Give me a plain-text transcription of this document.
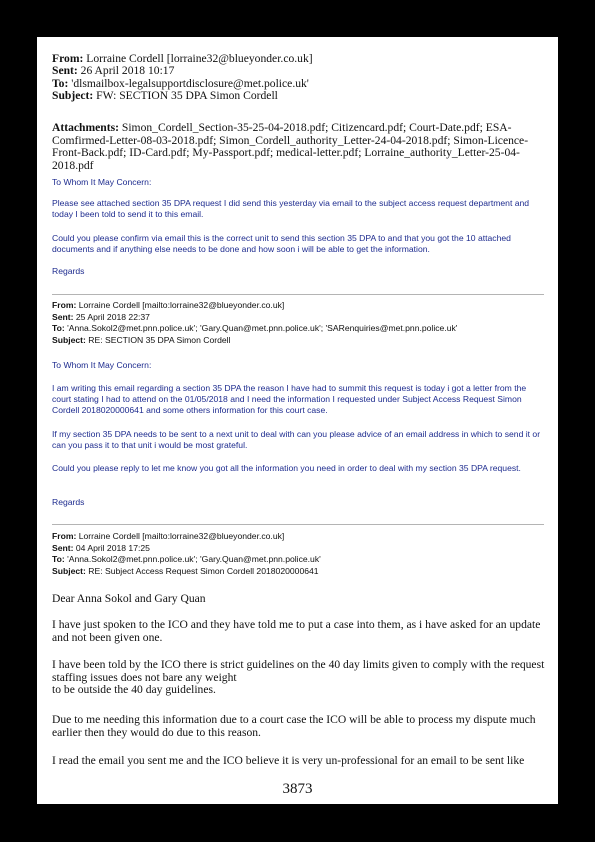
From: Lorraine Cordell [lorraine32@blueyonder.co.uk]
Sent: 26 April 2018 10:17
To: 'dlsmailbox-legalsupportdisclosure@met.police.uk'
Subject: FW: SECTION 35 DPA Simon Cordell
Attachments: Simon_Cordell_Section-35-25-04-2018.pdf; Citizencard.pdf; Court-Date.pdf; ESA-Comfirmed-Letter-08-03-2018.pdf; Simon_Cordell_authority_Letter-24-04-2018.pdf; Simon-Licence-Front-Back.pdf; ID-Card.pdf; My-Passport.pdf; medical-letter.pdf; Lorraine_authority_Letter-25-04-2018.pdf
To Whom It May Concern:
Please see attached section 35 DPA request I did send this yesterday via email to the subject access request department and today I been told to send it to this email.
Could you please confirm via email this is the correct unit to send this section 35 DPA to and that you got the 10 attached documents and if anything else needs to be done and how soon i will be able to get the information.
Regards
From: Lorraine Cordell [mailto:lorraine32@blueyonder.co.uk]
Sent: 25 April 2018 22:37
To: 'Anna.Sokol2@met.pnn.police.uk'; 'Gary.Quan@met.pnn.police.uk'; 'SARenquiries@met.pnn.police.uk'
Subject: RE: SECTION 35 DPA Simon Cordell
To Whom It May Concern:
I am writing this email regarding a section 35 DPA the reason I have had to summit this request is today i got a letter from the court stating I had to attend on the 01/05/2018 and I need the information I requested under Subject Access Request Simon Cordell 2018020000641 and some others information for this court case.
If my section 35 DPA needs to be sent to a next unit to deal with can you please advice of an email address in which to send it or can you pass it to that unit i would be most grateful.
Could you please reply to let me know you got all the information you need in order to deal with my section 35 DPA request.
Regards
From: Lorraine Cordell [mailto:lorraine32@blueyonder.co.uk]
Sent: 04 April 2018 17:25
To: 'Anna.Sokol2@met.pnn.police.uk'; 'Gary.Quan@met.pnn.police.uk'
Subject: RE: Subject Access Request Simon Cordell 2018020000641
Dear Anna Sokol and Gary Quan
I have just spoken to the ICO and they have told me to put a case into them, as i have asked for an update and not been given one.
I have been told by the ICO there is strict guidelines on the 40 day limits given to comply with the request staffing issues does not bare any weight
to be outside the 40 day guidelines.
Due to me needing this information due to a court case the ICO will be able to process my dispute much earlier then they would do due to this reason.
I read the email you sent me and the ICO believe it is very un-professional for an email to be sent like
3873
